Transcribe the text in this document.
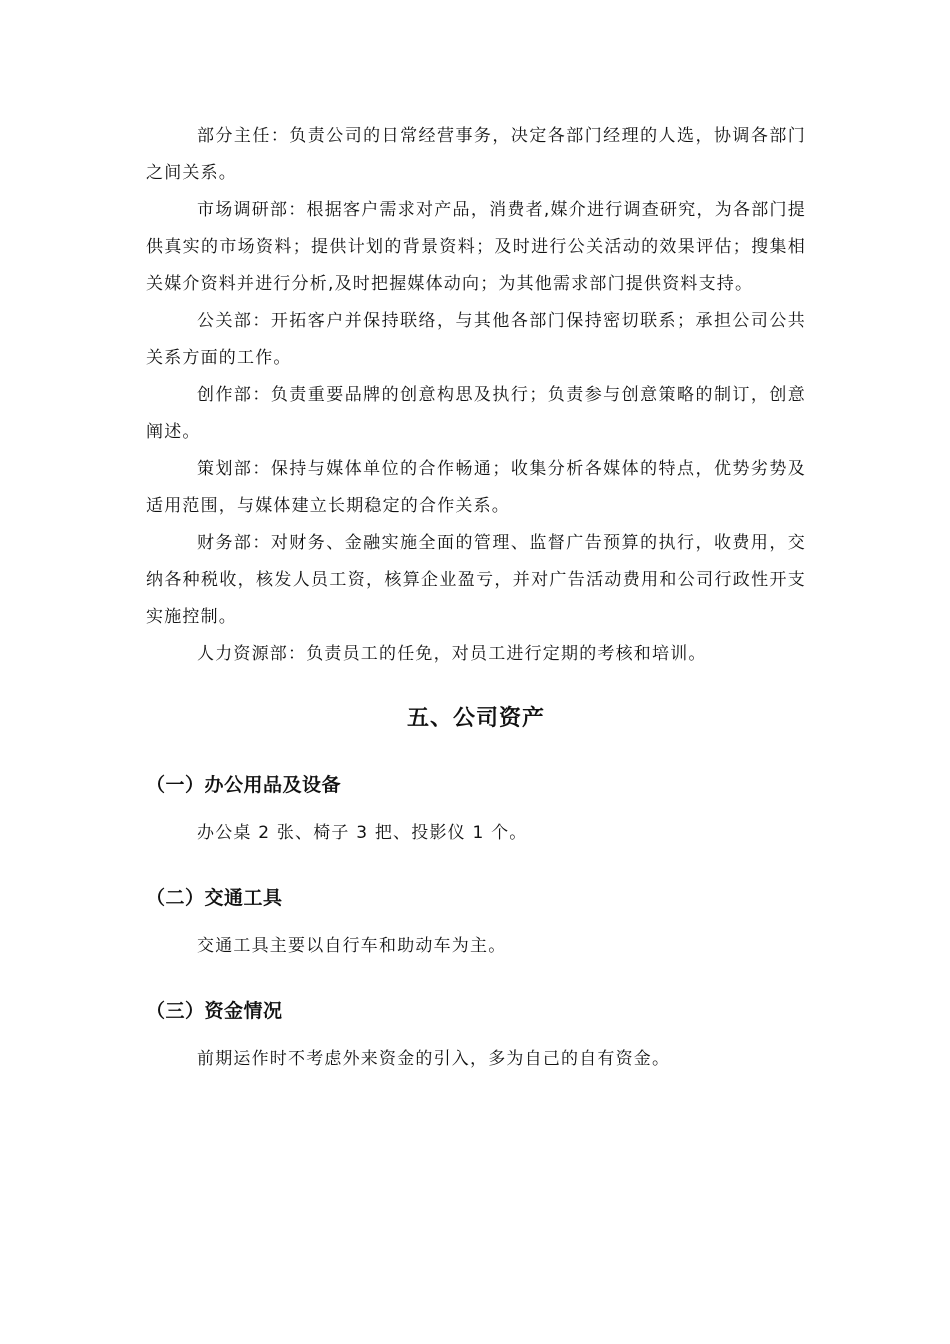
部分主任：负责公司的日常经营事务，决定各部门经理的人选，协调各部门之间关系。

市场调研部：根据客户需求对产品，消费者,媒介进行调查研究，为各部门提供真实的市场资料；提供计划的背景资料；及时进行公关活动的效果评估；搜集相关媒介资料并进行分析,及时把握媒体动向；为其他需求部门提供资料支持。

公关部：开拓客户并保持联络，与其他各部门保持密切联系；承担公司公共关系方面的工作。

创作部：负责重要品牌的创意构思及执行；负责参与创意策略的制订，创意阐述。

策划部：保持与媒体单位的合作畅通；收集分析各媒体的特点，优势劣势及适用范围，与媒体建立长期稳定的合作关系。

财务部：对财务、金融实施全面的管理、监督广告预算的执行，收费用，交纳各种税收，核发人员工资，核算企业盈亏，并对广告活动费用和公司行政性开支实施控制。

人力资源部：负责员工的任免，对员工进行定期的考核和培训。

五、公司资产
（一）办公用品及设备

办公桌 2 张、椅子 3 把、投影仪 1 个。

（二）交通工具

交通工具主要以自行车和助动车为主。

（三）资金情况

前期运作时不考虑外来资金的引入，多为自己的自有资金。
